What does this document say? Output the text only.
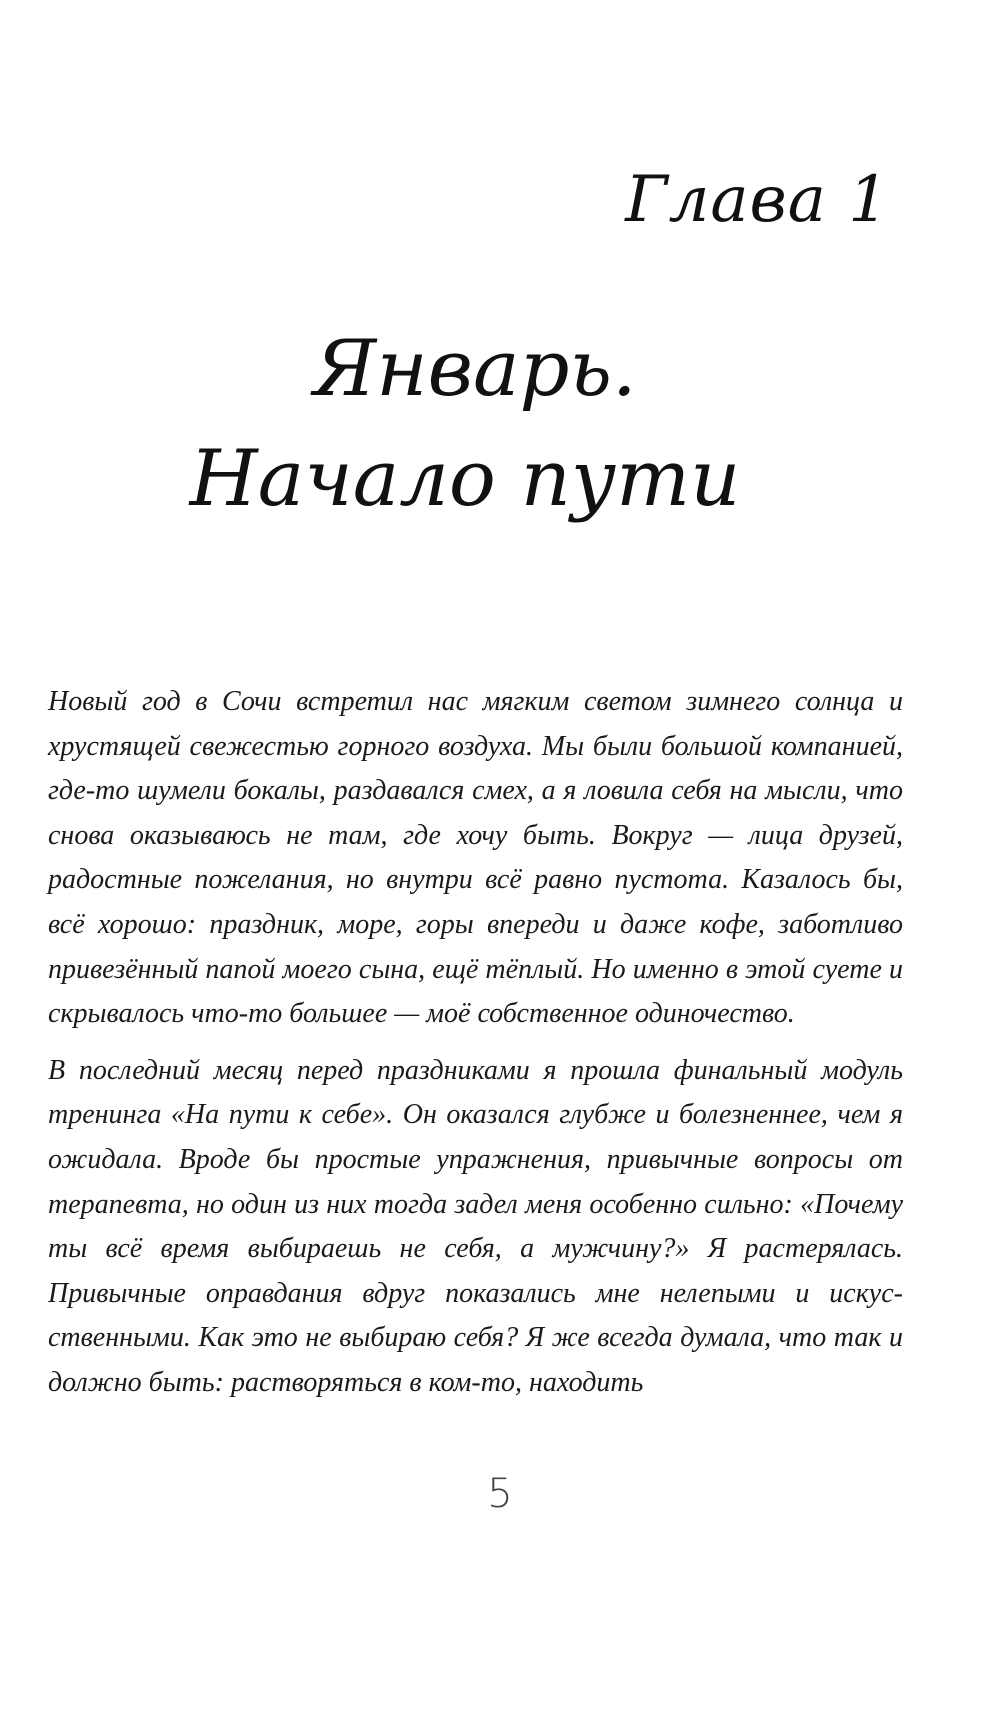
Глава 1
Январь.
Начало пути

Новый год в Сочи встретил нас мягким светом зимнего солнца и хрустящей свежестью горного воздуха. Мы были большой компанией, где-то шумели бокалы, раздавался смех, а я ловила себя на мысли, что снова оказываюсь не там, где хочу быть. Вокруг — лица друзей, радостные пожелания, но внутри всё равно пустота. Казалось бы, всё хорошо: праздник, море, горы впереди и даже кофе, заботливо привезённый папой моего сына, ещё тёплый. Но именно в этой суете и скрывалось что-то большее — моё собственное одиночество.

В последний месяц перед праздниками я прошла финальный модуль тренинга «На пути к себе». Он оказался глубже и болезненнее, чем я ожидала. Вроде бы простые упражнения, привычные вопросы от терапевта, но один из них тогда задел меня особенно сильно: «Почему ты всё время выбираешь не себя, а мужчину?» Я растерялась. Привычные оправдания вдруг показались мне нелепыми и искусственными. Как это не выбираю себя? Я же всегда думала, что так и должно быть: растворяться в ком-то, находить

5
